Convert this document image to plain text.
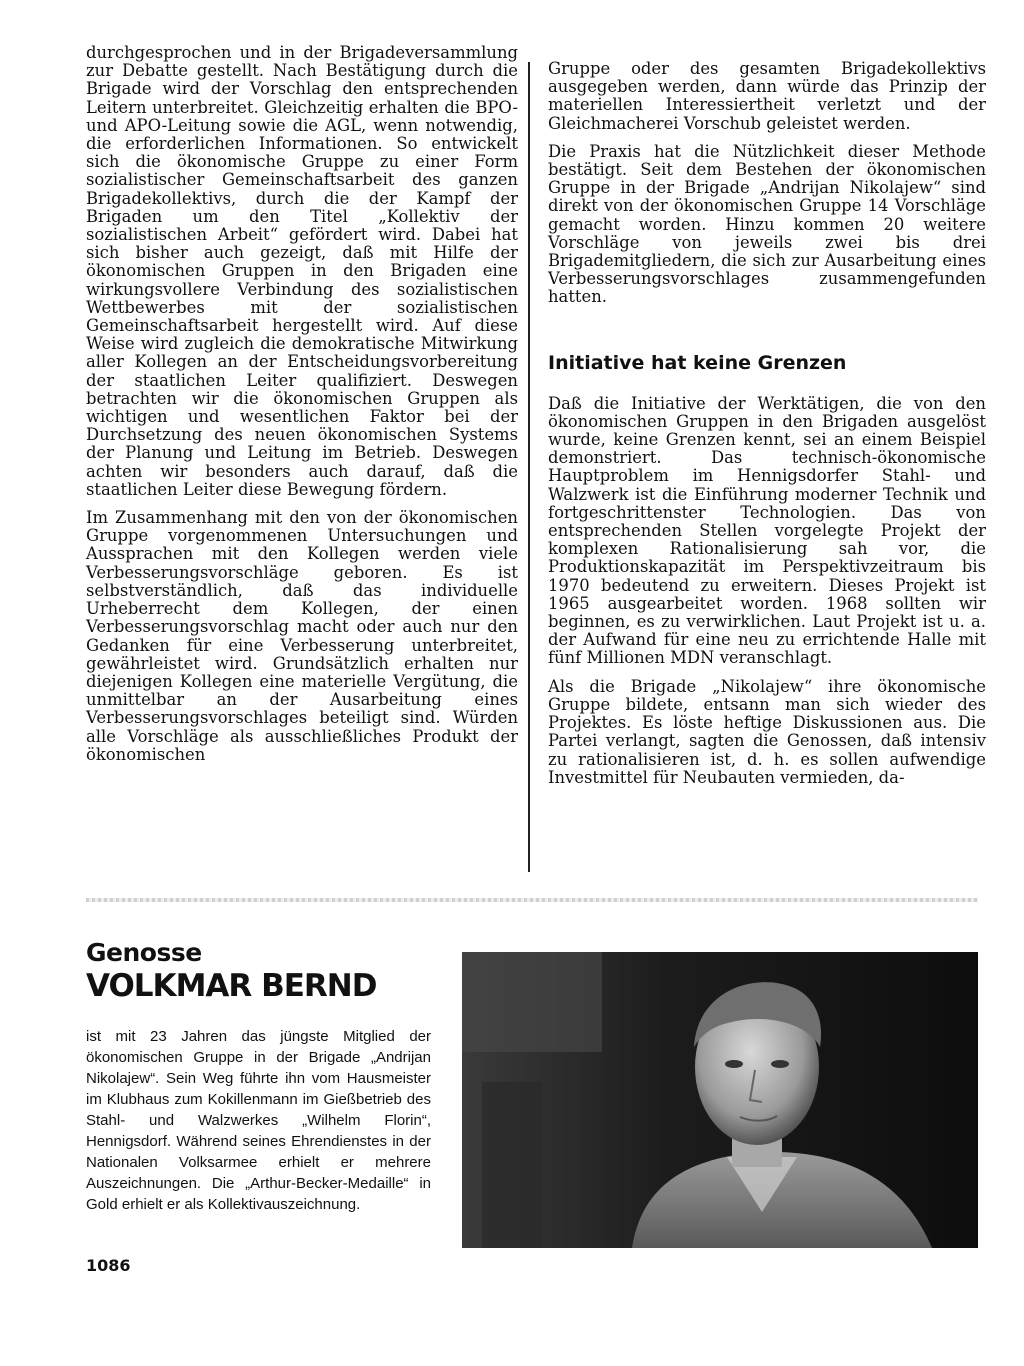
durchgesprochen und in der Brigadeversammlung zur Debatte gestellt. Nach Bestätigung durch die Brigade wird der Vorschlag den entsprechenden Leitern unterbreitet. Gleichzeitig erhalten die BPO- und APO-Leitung sowie die AGL, wenn notwendig, die erforderlichen Informationen. So entwickelt sich die ökonomische Gruppe zu einer Form sozialistischer Gemeinschaftsarbeit des ganzen Brigadekollektivs, durch die der Kampf der Brigaden um den Titel „Kollektiv der sozialistischen Arbeit“ gefördert wird. Dabei hat sich bisher auch gezeigt, daß mit Hilfe der ökonomischen Gruppen in den Brigaden eine wirkungsvollere Verbindung des sozialistischen Wettbewerbes mit der sozialistischen Gemeinschaftsarbeit hergestellt wird. Auf diese Weise wird zugleich die demokratische Mitwirkung aller Kollegen an der Entscheidungsvorbereitung der staatlichen Leiter qualifiziert. Deswegen betrachten wir die ökonomischen Gruppen als wichtigen und wesentlichen Faktor bei der Durchsetzung des neuen ökonomischen Systems der Planung und Leitung im Betrieb. Deswegen achten wir besonders auch darauf, daß die staatlichen Leiter diese Bewegung fördern.

Im Zusammenhang mit den von der ökonomischen Gruppe vorgenommenen Untersuchungen und Aussprachen mit den Kollegen werden viele Verbesserungsvorschläge geboren. Es ist selbstverständlich, daß das individuelle Urheberrecht dem Kollegen, der einen Verbesserungsvorschlag macht oder auch nur den Gedanken für eine Verbesserung unterbreitet, gewährleistet wird. Grundsätzlich erhalten nur diejenigen Kollegen eine materielle Vergütung, die unmittelbar an der Ausarbeitung eines Verbesserungsvorschlages beteiligt sind. Würden alle Vorschläge als ausschließliches Produkt der ökonomischen

Gruppe oder des gesamten Brigadekollektivs ausgegeben werden, dann würde das Prinzip der materiellen Interessiertheit verletzt und der Gleichmacherei Vorschub geleistet werden.

Die Praxis hat die Nützlichkeit dieser Methode bestätigt. Seit dem Bestehen der ökonomischen Gruppe in der Brigade „Andrijan Nikolajew“ sind direkt von der ökonomischen Gruppe 14 Vorschläge gemacht worden. Hinzu kommen 20 weitere Vorschläge von jeweils zwei bis drei Brigademitgliedern, die sich zur Ausarbeitung eines Verbesserungsvorschlages zusammengefunden hatten.

Initiative hat keine Grenzen

Daß die Initiative der Werktätigen, die von den ökonomischen Gruppen in den Brigaden ausgelöst wurde, keine Grenzen kennt, sei an einem Beispiel demonstriert. Das technisch-ökonomische Hauptproblem im Hennigsdorfer Stahl- und Walzwerk ist die Einführung moderner Technik und fortgeschrittenster Technologien. Das von entsprechenden Stellen vorgelegte Projekt der komplexen Rationalisierung sah vor, die Produktionskapazität im Perspektivzeitraum bis 1970 bedeutend zu erweitern. Dieses Projekt ist 1965 ausgearbeitet worden. 1968 sollten wir beginnen, es zu verwirklichen. Laut Projekt ist u. a. der Aufwand für eine neu zu errichtende Halle mit fünf Millionen MDN veranschlagt.

Als die Brigade „Nikolajew“ ihre ökonomische Gruppe bildete, entsann man sich wieder des Projektes. Es löste heftige Diskussionen aus. Die Partei verlangt, sagten die Genossen, daß intensiv zu rationalisieren ist, d. h. es sollen aufwendige Investmittel für Neubauten vermieden, da-

Genosse
VOLKMAR BERND
ist mit 23 Jahren das jüngste Mitglied der ökonomischen Gruppe in der Brigade „Andrijan Nikolajew“. Sein Weg führte ihn vom Hausmeister im Klubhaus zum Kokillenmann im Gießbetrieb des Stahl- und Walzwerkes „Wilhelm Florin“, Hennigsdorf. Während seines Ehrendienstes in der Nationalen Volksarmee erhielt er mehrere Auszeichnungen. Die „Arthur-Becker-Medaille“ in Gold erhielt er als Kollektivauszeichnung.
1086
